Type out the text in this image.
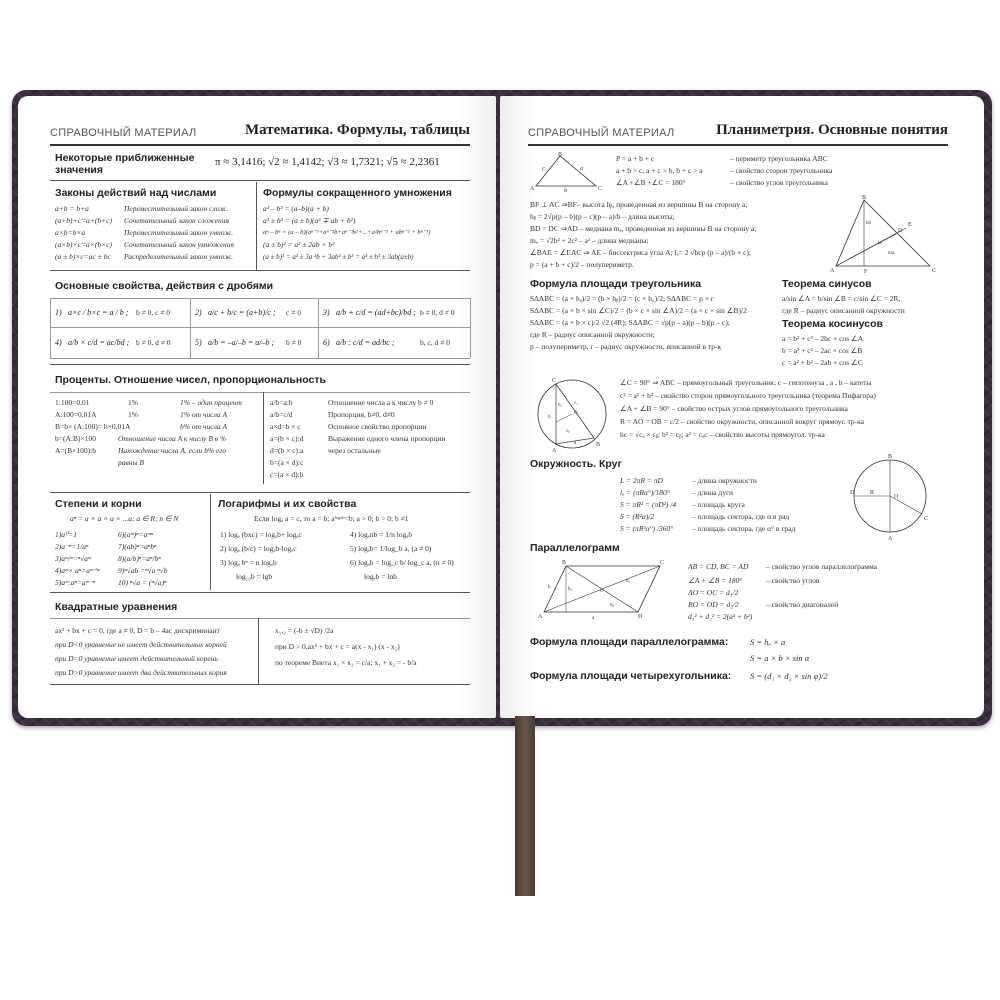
СПРАВОЧНЫЙ МАТЕРИАЛ	Математика. Формулы, таблицы
Некоторые приближенные значения
π ≈ 3,1416; √2 ≈ 1,4142; √3 ≈ 1,7321; √5 ≈ 2,2361
Законы действий над числами
a+b = b+a	Переместительный закон слож.
(a+b)+c=a+(b+c) Сочетательный закон сложения
a×b=b×a	Переместительный закон умнож.
(a×b)×c=a×(b×c) Сочетательный закон умножения
(a ± b)×c=ac ± bc Распределительный закон умнож.
Формулы сокращенного умножения
a² – b² = (a–b)(a + b)
a³ ± b³ = (a ± b)(a² ∓ ab + b²)
aⁿ – bⁿ = (a – b)(aⁿ⁻¹+aⁿ⁻²b+aⁿ⁻³b²+...+a²bⁿ⁻³ + abⁿ⁻² + bⁿ⁻¹)
(a ± b)² = a² ± 2ab + b²
(a ± b)³ = a³ ± 3a ²b + 3ab² ± b³ = a³ ± b³ ± 3ab(a±b)
Основные свойства, действия с дробями
1) a×c / b×c = a / b ; b ≠ 0, c ≠ 0	2) a/c + b/c = (a+b)/c ; c ≠ 0	3) a/b + c/d = (ad+bc)/bd ; b ≠ 0, d ≠ 0
4) a/b × c/d = ac/bd ; b ≠ 0, d ≠ 0	5) a/b = –a/–b = a/–b ; b ≠ 0	6) a/b : c/d = ad/bc ;	b, c, d ≠ 0
Проценты. Отношение чисел, пропорциональность
1:100=0,01	1%	1% – один процент
A:100=0,01A	1%	1% от числа A
B=b× (A:100)= b×0,01A	b% от числа A
b=(A:B)×100	Отношение числа A к числу B в %
A=(B×100):b	Нахождение числа A, если b% его
равны B
a/b=a:b	Отношение числа a к числу b ≠ 0
a/b=c/d	Пропорция, b≠0, d≠0
a×d=b × c	Основное свойство пропорции
a=(b × c):d	Выражение одного члена пропорции
d=(b × c):a	через остальные
b=(a × d):c
c=(a × d):b
Степени и корни
aⁿ = a × a × a × ...a; a ∈ R; n ∈ N
1)a⁰=1
2)a⁻ⁿ=1/aⁿ
3)aᵐ/ⁿ=ⁿ√aᵐ
4)aᵐ× aⁿ=aᵐ⁺ⁿ
5)aᵐ:aⁿ=aᵐ⁻ⁿ
6)(aᵐ)ⁿ=aᵐⁿ
7)(ab)ⁿ=aⁿbⁿ
8)(a/b)ⁿ=aⁿ/bⁿ
9)ⁿ√ab =ⁿ√a ⁿ√b
10) ⁿ√a = (ⁿ√a)ⁿ
Логарифмы и их свойства
Если logₐ a = c, то a = b; aˡᵒᵍᵃᵇ=b; a > 0; b > 0; b ≠1
1) logₐ (bxc) = logₐb+ logₐc
2) logₐ (b/c) = logₐb-logₐc
3) logₐ bⁿ = n logₐb
log₁₀b = lgb
4) logₐnb = 1/n logₐb
5) logₐb= 1/log_b a, (a ≠ 0)
6) logₐb = log_c b/ log_c a, (n ≠ 0)
logₑb = lnb
Квадратные уравнения
ax² + bx + c = 0, где a ≠ 0, D = b – 4ac дискриминант
при D<0 уравнение не имеет действительных корней
при D=0 уравнение имеет действительный корень
при D>0 уравнение имеет два действительных корня
x₁,₂ = (-b ± √D) /2a
при D > 0,ax² + bx + c = a(x - x₁) (x - x₂)
по теореме Виета x₁ × x₂ = c/a; x₁ + x₂ = - b/a
СПРАВОЧНЫЙ МАТЕРИАЛ	Планиметрия. Основные понятия
B
A	C
a
b
c
P = a + b + c	– периметр треугольника ABC
a + b > c, a + c > b, b + c > a	– свойство сторон треугольника
∠A +∠B +∠C = 180°	– свойство углов треугольника
BF ⊥ AC ⇒BF– высота hᵦ, проведенная из вершины B на сторону a;
hᵦ = 2√p(p – b)(p – c)(p – a)/b – длина высоты;
BD = DC ⇒AD – медиана mₐ, проведенная из вершины B на сторону a;
mₐ = √2b² + 2c² – a² – длина медианы;
∠BAE = ∠EAC ⇒ AE – биссектриса угла A; lₐ= 2 √bcp (p – a)/(b + c);
p = (a + b + c)/2 – полупериметр.
B
E
D
A	F	C
hb
la
ma
Формула площади треугольника
S∆ABC = (a × hₐ)/2 = (b × hᵦ)/2 = (c × h꜀)/2; S∆ABC = p × r
S∆ABC = (a × b × sin ∠C)/2 = (b × c × sin ∠A)/2 = (a × c × sin ∠B)/2
S∆ABC = (a × b × c)/2 √2 (4R); S∆ABC = √p(p – a)(p – b)(p – c);
где R – радиус описанной окружности;
p – полупериметр, r – радиус окружности, вписанной в тр-к
Теорема синусов
a/sin ∠A = b/sin ∠B = c/sin ∠C = 2R,
где R – радиус описанной окружности
Теорема косинусов
a = b² + c² – 2bc × cos ∠A
b = a² + c² – 2ac × cos ∠B
c = a² + b² – 2ab × cos ∠C
C
A
B
O
b
a
cₐ
cᵦ
h꜀
∠C = 90° ⇒ ABC – прямоугольный треугольник; c – гипотенуза , a , b – катеты
c² = a² + b² – свойство сторон прямоугольного треугольника (теорема Пифагора)
∠A + ∠B = 90° – свойство острых углов прямоугольного треугольника
R = AO = OB = c/2 – свойство окружности, описанной вокруг прямоуг. тр-ка
hc = √cₐ × cᵦ; b² = cᵦ; a² = cₐc – свойство высоты прямоугол. тр-ка
Окружность. Круг
L = 2πR = πD	– длина окружности
lₐ = (πRα°)/180°	– длина дуги
S = πR² = (πD²) /4 – площадь круга
S = (R²α)/2	– площадь сектора, где α в рад
S = (πR²α°) /360° – площадь сектора, где α° в град
B
R
O
D
A
C
Параллелограмм
B	C
A	D
O
hₐ
a
b
d₁
d₂
AB = CD, BC = AD – свойство углов параллелограмма
∠A + ∠B = 180°	– свойство углов
AO = OC = d₁/2
BO = OD = d₂/2	– свойство диагоналей
d₁² + d₂² = 2(a² + b²)
Формула площади параллелограмма:	S = hₐ × a
S = a × b × sin α
Формула площади четырехугольника: S = (d₁ × d₂ × sin φ)/2
